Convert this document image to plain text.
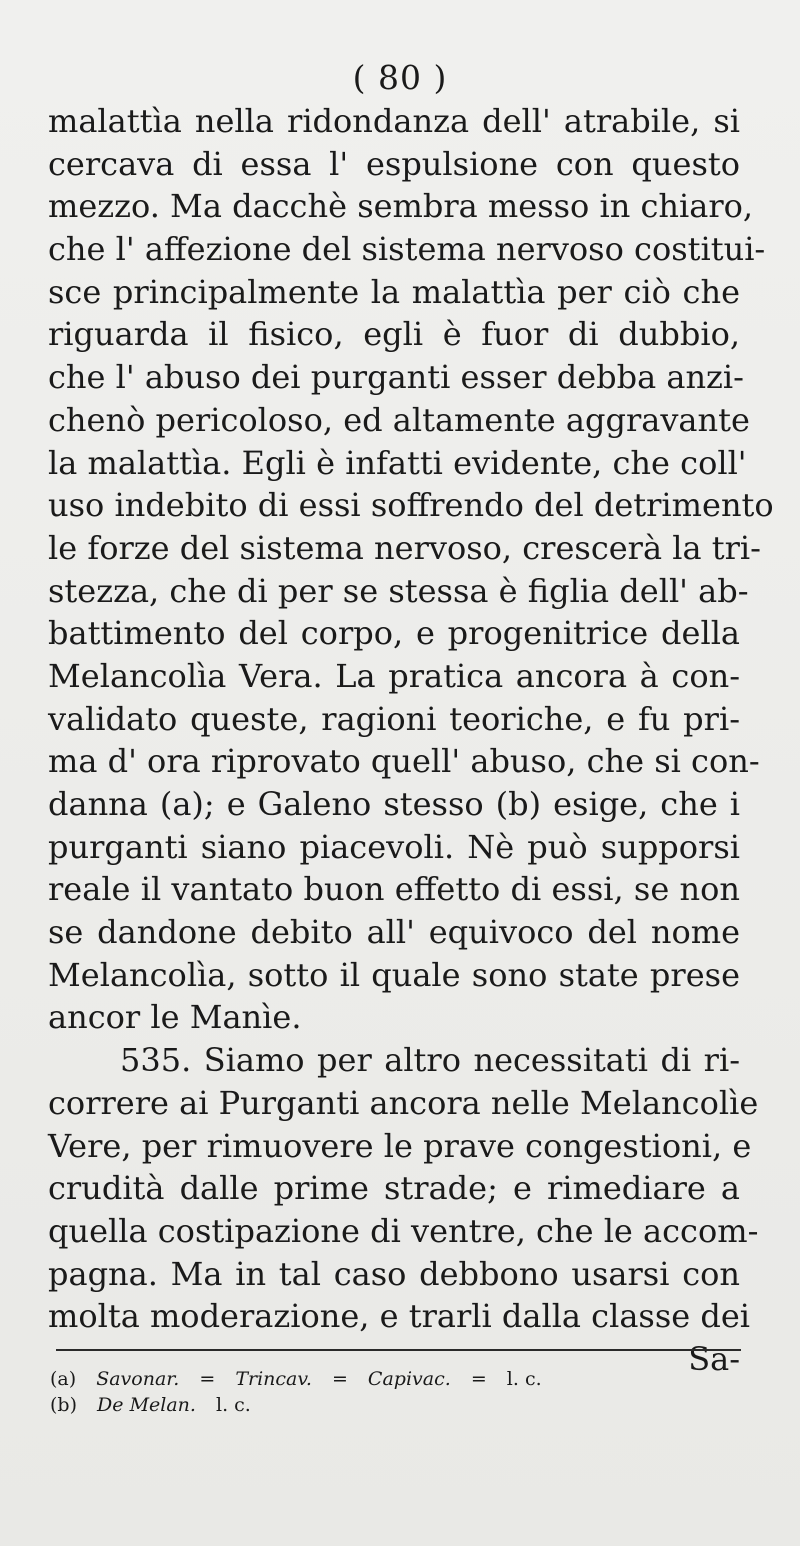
( 80 )
malattìa nella ridondanza dell' atrabile, si
cercava di essa l' espulsione con questo
mezzo. Ma dacchè sembra messo in chiaro,
che l' affezione del sistema nervoso costitui-
sce principalmente la malattìa per ciò che
riguarda il fisico, egli è fuor di dubbio,
che l' abuso dei purganti esser debba anzi-
chenò pericoloso, ed altamente aggravante
la malattìa. Egli è infatti evidente, che coll'
uso indebito di essi soffrendo del detrimento
le forze del sistema nervoso, crescerà la tri-
stezza, che di per se stessa è figlia dell' ab-
battimento del corpo, e progenitrice della
Melancolìa Vera. La pratica ancora à con-
validato queste, ragioni teoriche, e fu pri-
ma d' ora riprovato quell' abuso, che si con-
danna (a); e Galeno stesso (b) esige, che i
purganti siano piacevoli. Nè può supporsi
reale il vantato buon effetto di essi, se non
se dandone debito all' equivoco del nome
Melancolìa, sotto il quale sono state prese
ancor le Manìe.
535. Siamo per altro necessitati di ri-
correre ai Purganti ancora nelle Melancolìe
Vere, per rimuovere le prave congestioni, e
crudità dalle prime strade; e rimediare a
quella costipazione di ventre, che le accom-
pagna. Ma in tal caso debbono usarsi con
molta moderazione, e trarli dalla classe dei
Sa-
(a) Savonar. = Trincav. = Capivac. = l. c.
(b) De Melan. l. c.
